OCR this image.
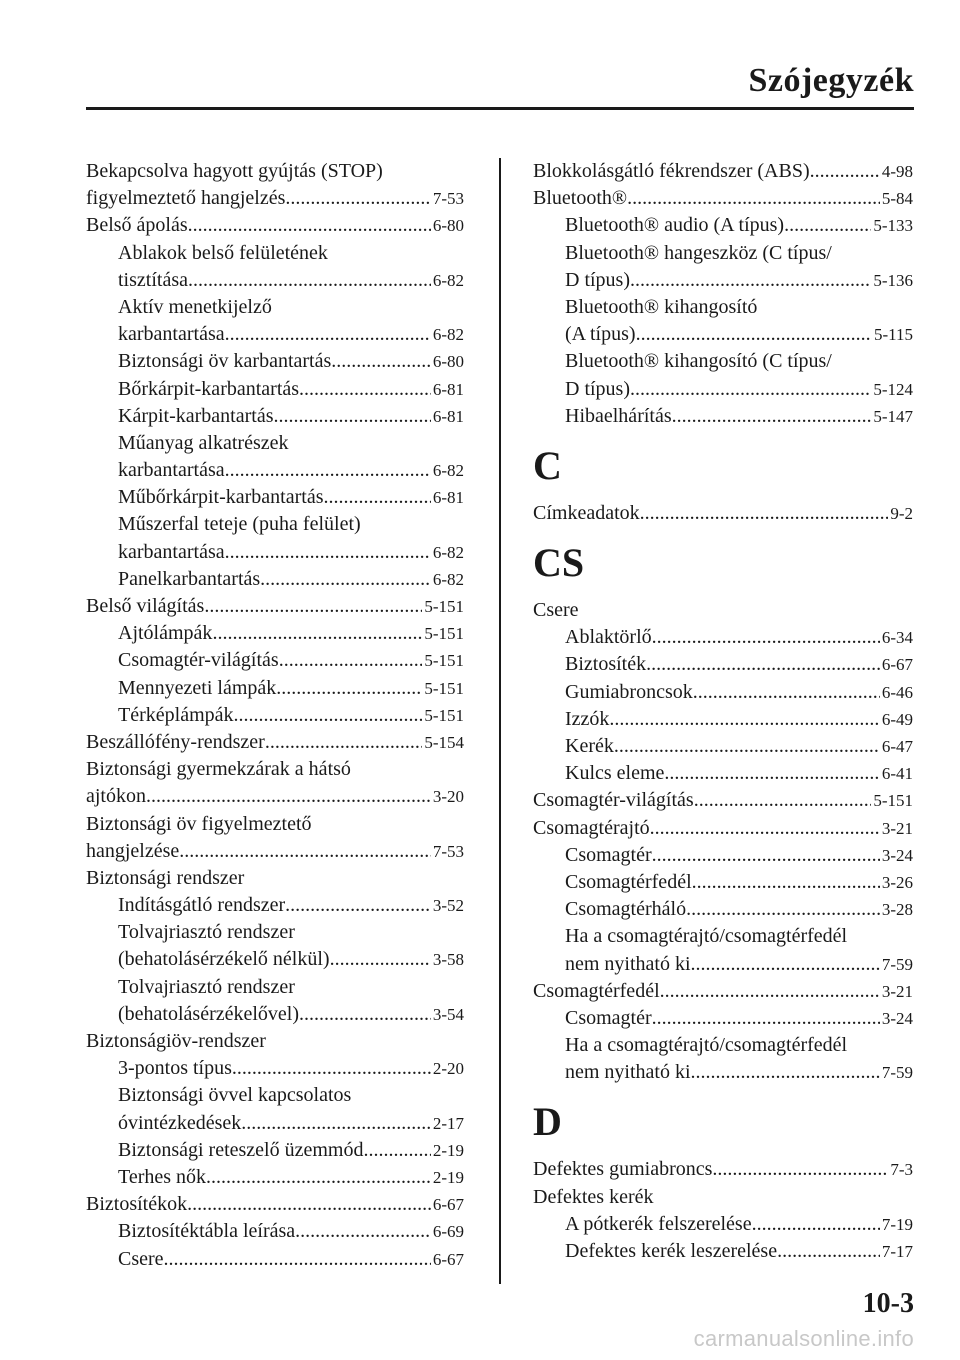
Szójegyzék
Bekapcsolva hagyott gyújtás (STOP)
figyelmeztető hangjelzés .....	7-53
Belső ápolás .....	6-80
Ablakok belső felületének
tisztítása .....	6-82
Aktív menetkijelző
karbantartása .....	6-82
Biztonsági öv karbantartás .....	6-80
Bőrkárpit-karbantartás .....	6-81
Kárpit-karbantartás .....	6-81
Műanyag alkatrészek
karbantartása .....	6-82
Műbőrkárpit-karbantartás .....	6-81
Műszerfal teteje (puha felület)
karbantartása .....	6-82
Panelkarbantartás .....	6-82
Belső világítás .....	5-151
Ajtólámpák .....	5-151
Csomagtér-világítás .....	5-151
Mennyezeti lámpák .....	5-151
Térképlámpák .....	5-151
Beszállófény-rendszer .....	5-154
Biztonsági gyermekzárak a hátsó
ajtókon .....	3-20
Biztonsági öv figyelmeztető
hangjelzése .....	7-53
Biztonsági rendszer
Indításgátló rendszer .....	3-52
Tolvajriasztó rendszer
(behatolásérzékelő nélkül) .....	3-58
Tolvajriasztó rendszer
(behatolásérzékelővel) .....	3-54
Biztonságiöv-rendszer
3-pontos típus .....	2-20
Biztonsági övvel kapcsolatos
óvintézkedések .....	2-17
Biztonsági reteszelő üzemmód .....	2-19
Terhes nők .....	2-19
Biztosítékok .....	6-67
Biztosítéktábla leírása .....	6-69
Csere .....	6-67
Blokkolásgátló fékrendszer (ABS) .....	4-98
Bluetooth® .....	5-84
Bluetooth® audio (A típus) .....	5-133
Bluetooth® hangeszköz (C típus/
D típus) .....	5-136
Bluetooth® kihangosító
(A típus) .....	5-115
Bluetooth® kihangosító (C típus/
D típus) .....	5-124
Hibaelhárítás .....	5-147
C
Címkeadatok .....	9-2
CS
Csere
Ablaktörlő .....	6-34
Biztosíték .....	6-67
Gumiabroncsok .....	6-46
Izzók .....	6-49
Kerék .....	6-47
Kulcs eleme .....	6-41
Csomagtér-világítás .....	5-151
Csomagtérajtó .....	3-21
Csomagtér .....	3-24
Csomagtérfedél .....	3-26
Csomagtérháló .....	3-28
Ha a csomagtérajtó/csomagtérfedél
nem nyitható ki .....	7-59
Csomagtérfedél .....	3-21
Csomagtér .....	3-24
Ha a csomagtérajtó/csomagtérfedél
nem nyitható ki .....	7-59
D
Defektes gumiabroncs .....	7-3
Defektes kerék
A pótkerék felszerelése .....	7-19
Defektes kerék leszerelése .....	7-17
10-3
carmanualsonline.info
